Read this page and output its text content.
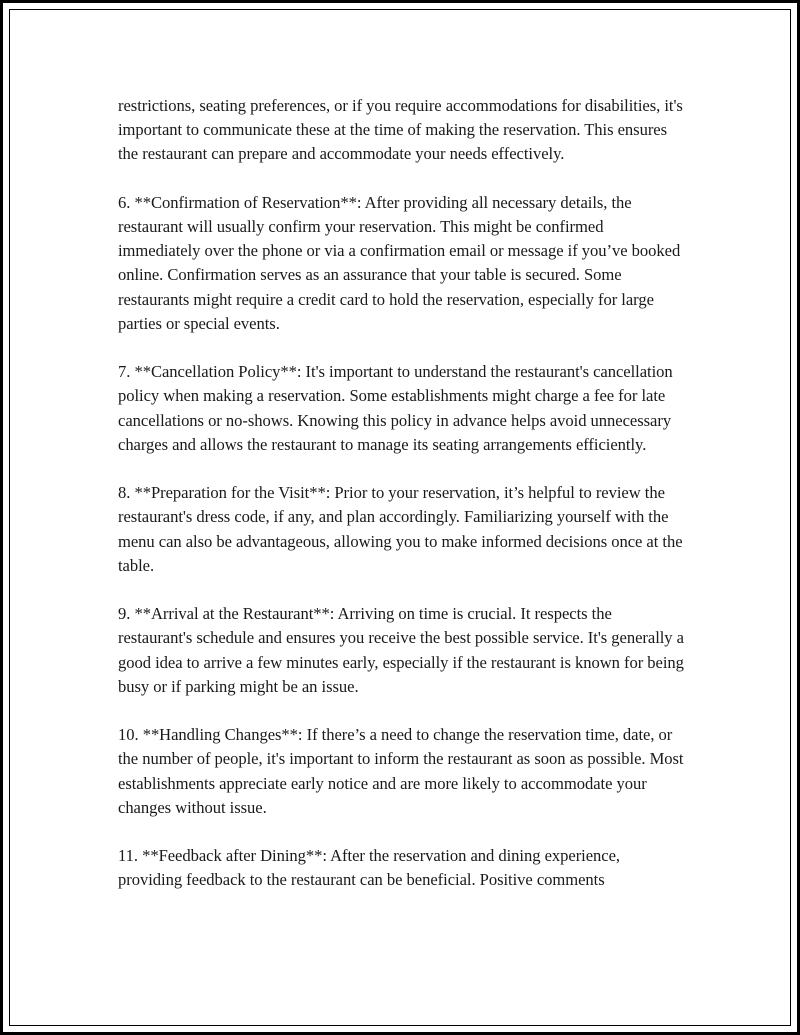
restrictions, seating preferences, or if you require accommodations for disabilities, it's important to communicate these at the time of making the reservation. This ensures the restaurant can prepare and accommodate your needs effectively.

6. **Confirmation of Reservation**: After providing all necessary details, the restaurant will usually confirm your reservation. This might be confirmed immediately over the phone or via a confirmation email or message if you’ve booked online. Confirmation serves as an assurance that your table is secured. Some restaurants might require a credit card to hold the reservation, especially for large parties or special events.

7. **Cancellation Policy**: It's important to understand the restaurant's cancellation policy when making a reservation. Some establishments might charge a fee for late cancellations or no-shows. Knowing this policy in advance helps avoid unnecessary charges and allows the restaurant to manage its seating arrangements efficiently.

8. **Preparation for the Visit**: Prior to your reservation, it’s helpful to review the restaurant's dress code, if any, and plan accordingly. Familiarizing yourself with the menu can also be advantageous, allowing you to make informed decisions once at the table.

9. **Arrival at the Restaurant**: Arriving on time is crucial. It respects the restaurant's schedule and ensures you receive the best possible service. It's generally a good idea to arrive a few minutes early, especially if the restaurant is known for being busy or if parking might be an issue.

10. **Handling Changes**: If there’s a need to change the reservation time, date, or the number of people, it's important to inform the restaurant as soon as possible. Most establishments appreciate early notice and are more likely to accommodate your changes without issue.

11. **Feedback after Dining**: After the reservation and dining experience, providing feedback to the restaurant can be beneficial. Positive comments
